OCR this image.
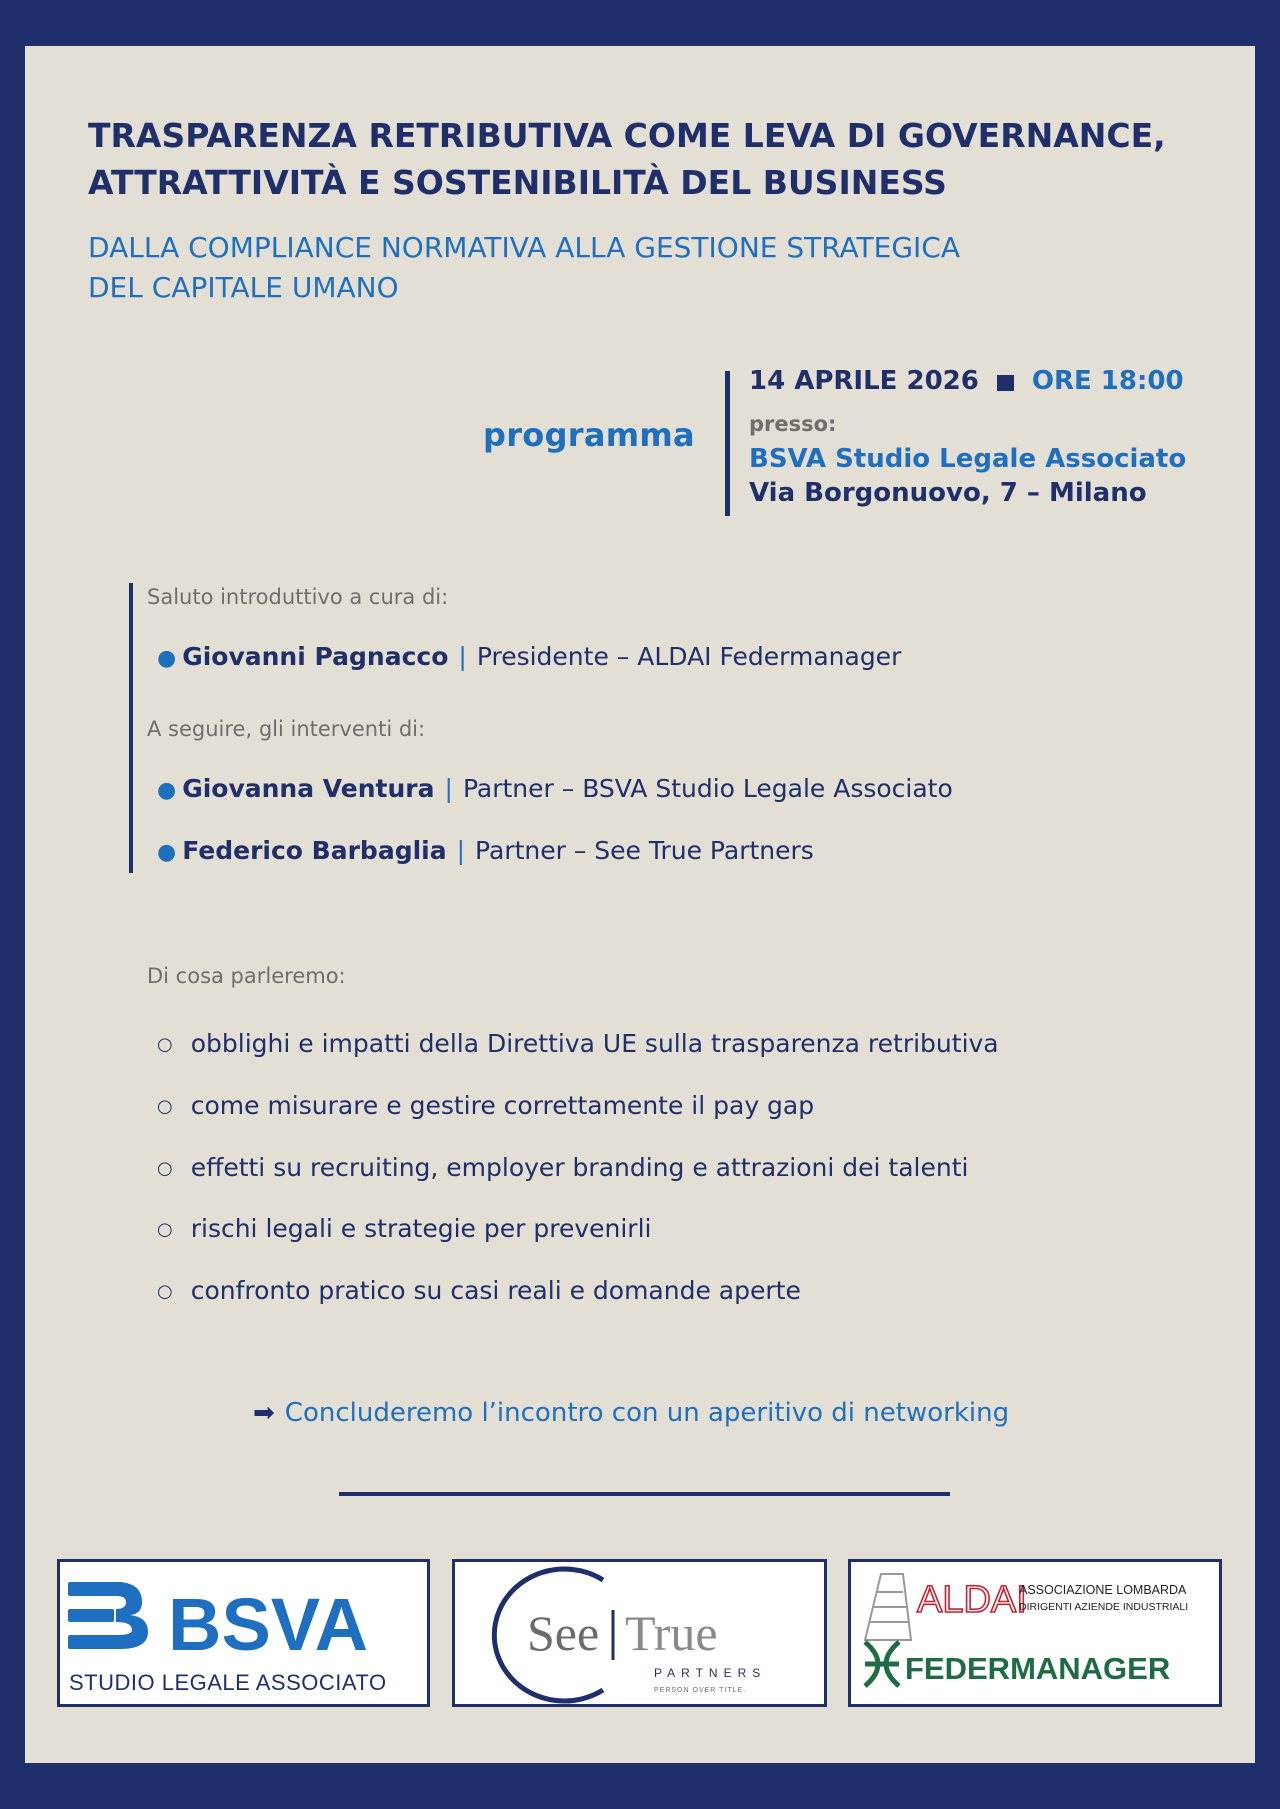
TRASPARENZA RETRIBUTIVA COME LEVA DI GOVERNANCE,
ATTRATTIVITÀ E SOSTENIBILITÀ DEL BUSINESS
DALLA COMPLIANCE NORMATIVA ALLA GESTIONE STRATEGICA
DEL CAPITALE UMANO
programma
14 APRILE 2026 ORE 18:00
presso:
BSVA Studio Legale Associato
Via Borgonuovo, 7 – Milano
Saluto introduttivo a cura di:
● Giovanni Pagnacco | Presidente – ALDAI Federmanager
A seguire, gli interventi di:
● Giovanna Ventura | Partner – BSVA Studio Legale Associato
● Federico Barbaglia | Partner – See True Partners
Di cosa parleremo:
○ obblighi e impatti della Direttiva UE sulla trasparenza retributiva
○ come misurare e gestire correttamente il pay gap
○ effetti su recruiting, employer branding e attrazioni dei talenti
○ rischi legali e strategie per prevenirli
○ confronto pratico su casi reali e domande aperte
➡ Concluderemo l’incontro con un aperitivo di networking
BSVA
STUDIO LEGALE ASSOCIATO
See True
PARTNERS
PERSON OVER TITLE.
ALDAI
ASSOCIAZIONE LOMBARDA
DIRIGENTI AZIENDE INDUSTRIALI
FEDERMANAGER
